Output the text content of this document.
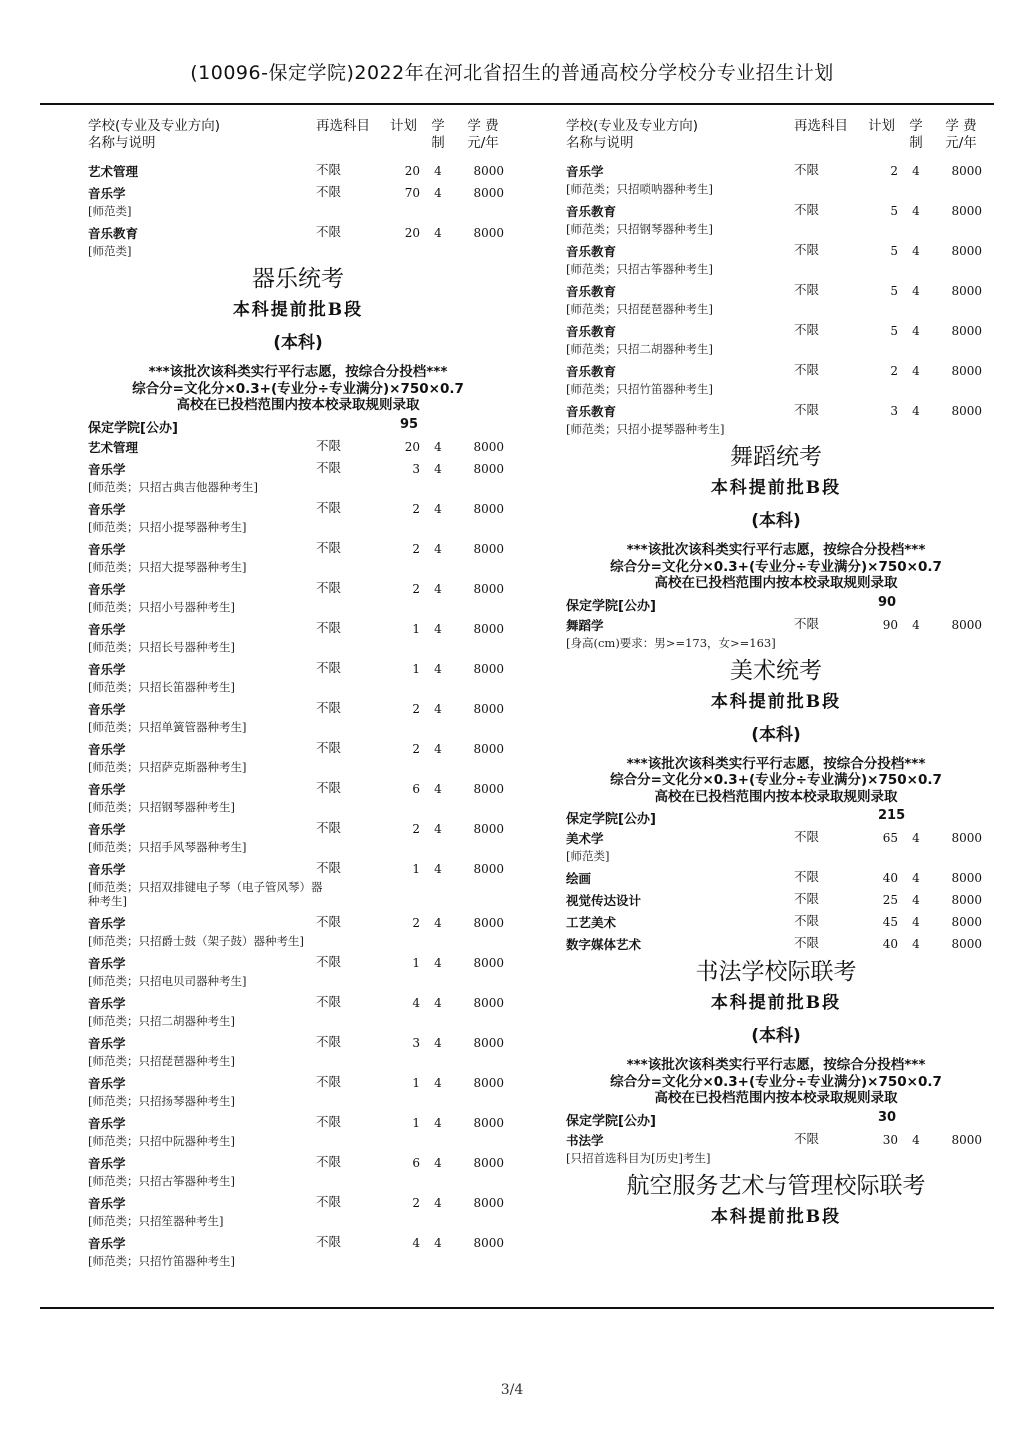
(10096-保定学院)2022年在河北省招生的普通高校分学校分专业招生计划
学校(专业及专业方向)
名称与说明
再选科目 计划 学
制
学 费
元/年
艺术管理	不限	20 4	8000
音乐学	不限	70 4	8000
[师范类]
音乐教育	不限	20 4	8000
[师范类]
器乐统考
本科提前批B段
(本科)
***该批次该科类实行平行志愿，按综合分投档***
综合分=文化分×0.3+(专业分÷专业满分)×750×0.7
高校在已投档范围内按本校录取规则录取
保定学院[公办]	95
艺术管理	不限	20 4	8000
音乐学	不限	3 4	8000
[师范类；只招古典吉他器种考生]
音乐学	不限	2 4	8000
[师范类；只招小提琴器种考生]
音乐学	不限	2 4	8000
[师范类；只招大提琴器种考生]
音乐学	不限	2 4	8000
[师范类；只招小号器种考生]
音乐学	不限	1 4	8000
[师范类；只招长号器种考生]
音乐学	不限	1 4	8000
[师范类；只招长笛器种考生]
音乐学	不限	2 4	8000
[师范类；只招单簧管器种考生]
音乐学	不限	2 4	8000
[师范类；只招萨克斯器种考生]
音乐学	不限	6 4	8000
[师范类；只招钢琴器种考生]
音乐学	不限	2 4	8000
[师范类；只招手风琴器种考生]
音乐学	不限	1 4	8000
[师范类；只招双排键电子琴（电子管风琴）器
种考生]
音乐学	不限	2 4	8000
[师范类；只招爵士鼓（架子鼓）器种考生]
音乐学	不限	1 4	8000
[师范类；只招电贝司器种考生]
音乐学	不限	4 4	8000
[师范类；只招二胡器种考生]
音乐学	不限	3 4	8000
[师范类；只招琵琶器种考生]
音乐学	不限	1 4	8000
[师范类；只招扬琴器种考生]
音乐学	不限	1 4	8000
[师范类；只招中阮器种考生]
音乐学	不限	6 4	8000
[师范类；只招古筝器种考生]
音乐学	不限	2 4	8000
[师范类；只招笙器种考生]
音乐学	不限	4 4	8000
[师范类；只招竹笛器种考生]
学校(专业及专业方向)
名称与说明
再选科目 计划 学
制
学 费
元/年
音乐学	不限	2 4	8000
[师范类；只招唢呐器种考生]
音乐教育	不限	5 4	8000
[师范类；只招钢琴器种考生]
音乐教育	不限	5 4	8000
[师范类；只招古筝器种考生]
音乐教育	不限	5 4	8000
[师范类；只招琵琶器种考生]
音乐教育	不限	5 4	8000
[师范类；只招二胡器种考生]
音乐教育	不限	2 4	8000
[师范类；只招竹笛器种考生]
音乐教育	不限	3 4	8000
[师范类；只招小提琴器种考生]
舞蹈统考
本科提前批B段
(本科)
***该批次该科类实行平行志愿，按综合分投档***
综合分=文化分×0.3+(专业分÷专业满分)×750×0.7
高校在已投档范围内按本校录取规则录取
保定学院[公办]	90
舞蹈学	不限	90 4	8000
[身高(cm)要求：男>=173，女>=163]
美术统考
本科提前批B段
(本科)
***该批次该科类实行平行志愿，按综合分投档***
综合分=文化分×0.3+(专业分÷专业满分)×750×0.7
高校在已投档范围内按本校录取规则录取
保定学院[公办]	215
美术学	不限	65 4	8000
[师范类]
绘画	不限	40 4	8000
视觉传达设计	不限	25 4	8000
工艺美术	不限	45 4	8000
数字媒体艺术	不限	40 4	8000
书法学校际联考
本科提前批B段
(本科)
***该批次该科类实行平行志愿，按综合分投档***
综合分=文化分×0.3+(专业分÷专业满分)×750×0.7
高校在已投档范围内按本校录取规则录取
保定学院[公办]	30
书法学	不限	30 4	8000
[只招首选科目为[历史]考生]
航空服务艺术与管理校际联考
本科提前批B段
3/4
